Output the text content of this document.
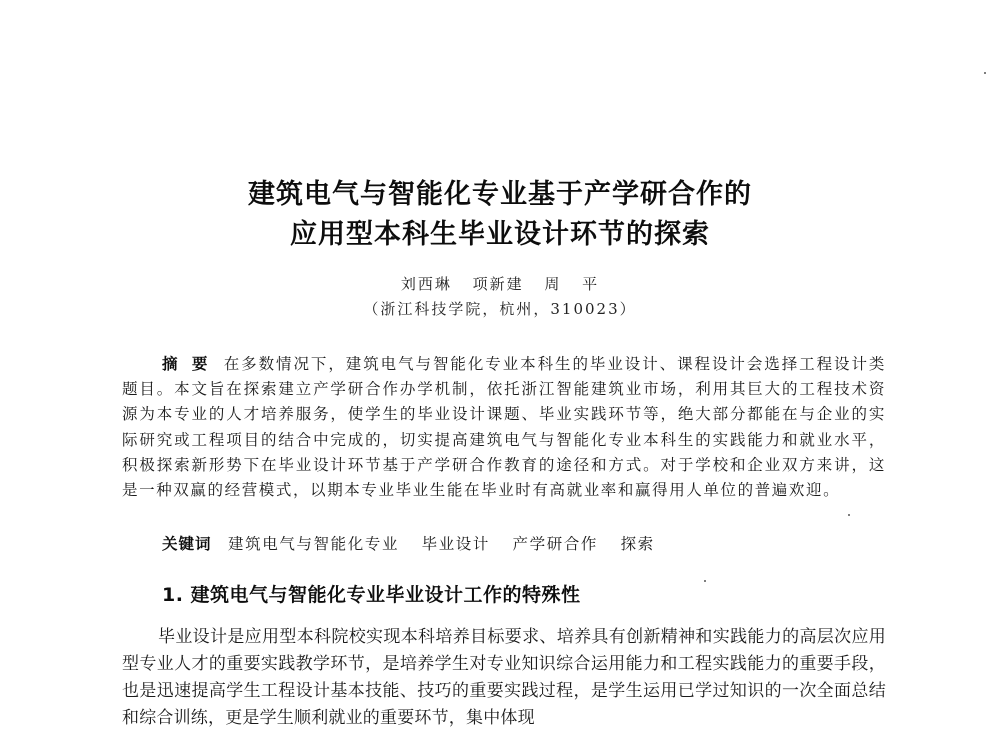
建筑电气与智能化专业基于产学研合作的
应用型本科生毕业设计环节的探索
刘西琳 项新建 周 平
（浙江科技学院，杭州，310023）

摘要 在多数情况下，建筑电气与智能化专业本科生的毕业设计、课程设计会选择工程设计类题目。本文旨在探索建立产学研合作办学机制，依托浙江智能建筑业市场，利用其巨大的工程技术资源为本专业的人才培养服务，使学生的毕业设计课题、毕业实践环节等，绝大部分都能在与企业的实际研究或工程项目的结合中完成的，切实提高建筑电气与智能化专业本科生的实践能力和就业水平，积极探索新形势下在毕业设计环节基于产学研合作教育的途径和方式。对于学校和企业双方来讲，这是一种双赢的经营模式，以期本专业毕业生能在毕业时有高就业率和赢得用人单位的普遍欢迎。

关键词 建筑电气与智能化专业 毕业设计 产学研合作 探索
1. 建筑电气与智能化专业毕业设计工作的特殊性

毕业设计是应用型本科院校实现本科培养目标要求、培养具有创新精神和实践能力的高层次应用型专业人才的重要实践教学环节，是培养学生对专业知识综合运用能力和工程实践能力的重要手段，也是迅速提高学生工程设计基本技能、技巧的重要实践过程，是学生运用已学过知识的一次全面总结和综合训练，更是学生顺利就业的重要环节，集中体现
